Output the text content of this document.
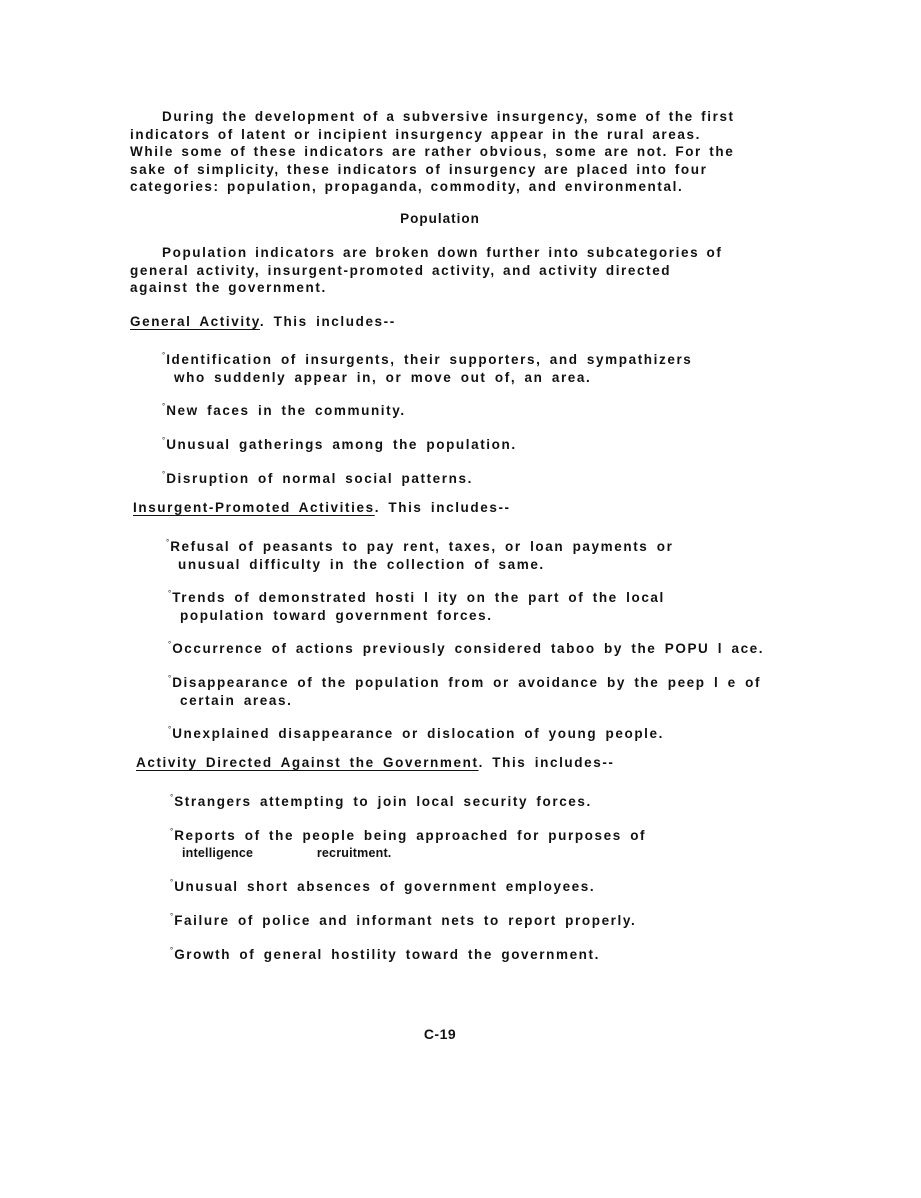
During the development of a subversive insurgency, some of the first
indicators of latent or incipient insurgency appear in the rural areas.
While some of these indicators are rather obvious, some are not. For the
sake of simplicity, these indicators of insurgency are placed into four
categories: population, propaganda, commodity, and environmental.
Population
Population indicators are broken down further into subcategories of
general activity, insurgent-promoted activity, and activity directed
against the government.
General Activity. This includes--
°Identification of insurgents, their supporters, and sympathizers
who suddenly appear in, or move out of, an area.
°New faces in the community.
°Unusual gatherings among the population.
°Disruption of normal social patterns.
Insurgent-Promoted Activities. This includes--
°Refusal of peasants to pay rent, taxes, or loan payments or
unusual difficulty in the collection of same.
°Trends of demonstrated hosti l ity on the part of the local
population toward government forces.
°Occurrence of actions previously considered taboo by the POPU l ace.
°Disappearance of the population from or avoidance by the peep l e of
certain areas.
°Unexplained disappearance or dislocation of young people.
Activity Directed Against the Government. This includes--
°Strangers attempting to join local security forces.
°Reports of the people being approached for purposes of
intelligence recruitment.
°Unusual short absences of government employees.
°Failure of police and informant nets to report properly.
°Growth of general hostility toward the government.
C-19
